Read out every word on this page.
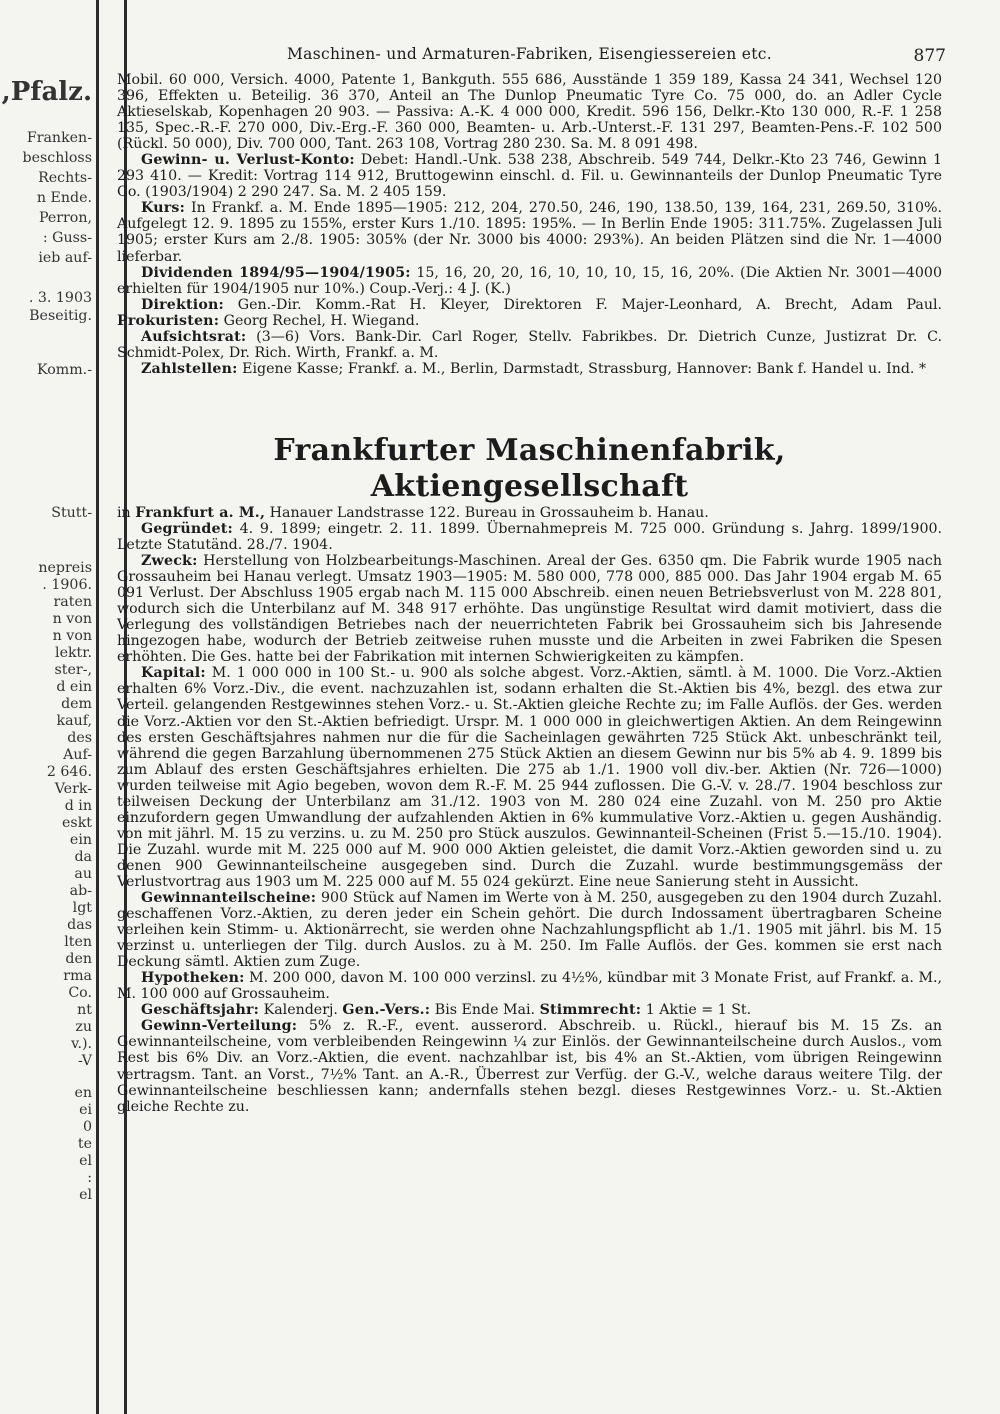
,Pfalz.
Franken-
beschloss
Rechts-
n Ende.
Perron,
: Guss-
ieb auf-
. 3. 1903
Beseitig.
Komm.-
Stutt-
nepreis
. 1906.
raten
n von
n von
lektr.
ster-,
d ein
dem
kauf,
des
Auf-
2 646.
Verk-
d in
eskt
ein
da
au
ab-
lgt
das
lten
den
rma
Co.
nt
zu
v.).
-V
en
ei
0
te
el
:
el
Maschinen- und Armaturen-Fabriken, Eisengiessereien etc.	877

Mobil. 60 000, Versich. 4000, Patente 1, Bankguth. 555 686, Ausstände 1 359 189, Kassa 24 341, Wechsel 120 396, Effekten u. Beteilig. 36 370, Anteil an The Dunlop Pneumatic Tyre Co. 75 000, do. an Adler Cycle Aktieselskab, Kopenhagen 20 903. — Passiva: A.-K. 4 000 000, Kredit. 596 156, Delkr.-Kto 130 000, R.-F. 1 258 135, Spec.-R.-F. 270 000, Div.-Erg.-F. 360 000, Beamten- u. Arb.-Unterst.-F. 131 297, Beamten-Pens.-F. 102 500 (Rückl. 50 000), Div. 700 000, Tant. 263 108, Vortrag 280 230. Sa. M. 8 091 498.

Gewinn- u. Verlust-Konto: Debet: Handl.-Unk. 538 238, Abschreib. 549 744, Delkr.-Kto 23 746, Gewinn 1 293 410. — Kredit: Vortrag 114 912, Bruttogewinn einschl. d. Fil. u. Gewinnanteils der Dunlop Pneumatic Tyre Co. (1903/1904) 2 290 247. Sa. M. 2 405 159.

Kurs: In Frankf. a. M. Ende 1895—1905: 212, 204, 270.50, 246, 190, 138.50, 139, 164, 231, 269.50, 310%. Aufgelegt 12. 9. 1895 zu 155%, erster Kurs 1./10. 1895: 195%. — In Berlin Ende 1905: 311.75%. Zugelassen Juli 1905; erster Kurs am 2./8. 1905: 305% (der Nr. 3000 bis 4000: 293%). An beiden Plätzen sind die Nr. 1—4000 lieferbar.

Dividenden 1894/95—1904/1905: 15, 16, 20, 20, 16, 10, 10, 10, 15, 16, 20%. (Die Aktien Nr. 3001—4000 erhielten für 1904/1905 nur 10%.) Coup.-Verj.: 4 J. (K.)

Direktion: Gen.-Dir. Komm.-Rat H. Kleyer, Direktoren F. Majer-Leonhard, A. Brecht, Adam Paul. Prokuristen: Georg Rechel, H. Wiegand.

Aufsichtsrat: (3—6) Vors. Bank-Dir. Carl Roger, Stellv. Fabrikbes. Dr. Dietrich Cunze, Justizrat Dr. C. Schmidt-Polex, Dr. Rich. Wirth, Frankf. a. M.

Zahlstellen: Eigene Kasse; Frankf. a. M., Berlin, Darmstadt, Strassburg, Hannover: Bank f. Handel u. Ind. *

Frankfurter Maschinenfabrik, Aktiengesellschaft

in Frankfurt a. M., Hanauer Landstrasse 122. Bureau in Grossauheim b. Hanau.

Gegründet: 4. 9. 1899; eingetr. 2. 11. 1899. Übernahmepreis M. 725 000. Gründung s. Jahrg. 1899/1900. Letzte Statutänd. 28./7. 1904.

Zweck: Herstellung von Holzbearbeitungs-Maschinen. Areal der Ges. 6350 qm. Die Fabrik wurde 1905 nach Grossauheim bei Hanau verlegt. Umsatz 1903—1905: M. 580 000, 778 000, 885 000. Das Jahr 1904 ergab M. 65 091 Verlust. Der Abschluss 1905 ergab nach M. 115 000 Abschreib. einen neuen Betriebsverlust von M. 228 801, wodurch sich die Unterbilanz auf M. 348 917 erhöhte. Das ungünstige Resultat wird damit motiviert, dass die Verlegung des vollständigen Betriebes nach der neuerrichteten Fabrik bei Grossauheim sich bis Jahresende hingezogen habe, wodurch der Betrieb zeitweise ruhen musste und die Arbeiten in zwei Fabriken die Spesen erhöhten. Die Ges. hatte bei der Fabrikation mit internen Schwierigkeiten zu kämpfen.

Kapital: M. 1 000 000 in 100 St.- u. 900 als solche abgest. Vorz.-Aktien, sämtl. à M. 1000. Die Vorz.-Aktien erhalten 6% Vorz.-Div., die event. nachzuzahlen ist, sodann erhalten die St.-Aktien bis 4%, bezgl. des etwa zur Verteil. gelangenden Restgewinnes stehen Vorz.- u. St.-Aktien gleiche Rechte zu; im Falle Auflös. der Ges. werden die Vorz.-Aktien vor den St.-Aktien befriedigt. Urspr. M. 1 000 000 in gleichwertigen Aktien. An dem Reingewinn des ersten Geschäftsjahres nahmen nur die für die Sacheinlagen gewährten 725 Stück Akt. unbeschränkt teil, während die gegen Barzahlung übernommenen 275 Stück Aktien an diesem Gewinn nur bis 5% ab 4. 9. 1899 bis zum Ablauf des ersten Geschäftsjahres erhielten. Die 275 ab 1./1. 1900 voll div.-ber. Aktien (Nr. 726—1000) wurden teilweise mit Agio begeben, wovon dem R.-F. M. 25 944 zuflossen. Die G.-V. v. 28./7. 1904 beschloss zur teilweisen Deckung der Unterbilanz am 31./12. 1903 von M. 280 024 eine Zuzahl. von M. 250 pro Aktie einzufordern gegen Umwandlung der aufzahlenden Aktien in 6% kummulative Vorz.-Aktien u. gegen Aushändig. von mit jährl. M. 15 zu verzins. u. zu M. 250 pro Stück auszulos. Gewinnanteil-Scheinen (Frist 5.—15./10. 1904). Die Zuzahl. wurde mit M. 225 000 auf M. 900 000 Aktien geleistet, die damit Vorz.-Aktien geworden sind u. zu denen 900 Gewinnanteilscheine ausgegeben sind. Durch die Zuzahl. wurde bestimmungsgemäss der Verlustvortrag aus 1903 um M. 225 000 auf M. 55 024 gekürzt. Eine neue Sanierung steht in Aussicht.

Gewinnanteilscheine: 900 Stück auf Namen im Werte von à M. 250, ausgegeben zu den 1904 durch Zuzahl. geschaffenen Vorz.-Aktien, zu deren jeder ein Schein gehört. Die durch Indossament übertragbaren Scheine verleihen kein Stimm- u. Aktionärrecht, sie werden ohne Nachzahlungspflicht ab 1./1. 1905 mit jährl. bis M. 15 verzinst u. unterliegen der Tilg. durch Auslos. zu à M. 250. Im Falle Auflös. der Ges. kommen sie erst nach Deckung sämtl. Aktien zum Zuge.

Hypotheken: M. 200 000, davon M. 100 000 verzinsl. zu 4½%, kündbar mit 3 Monate Frist, auf Frankf. a. M., M. 100 000 auf Grossauheim.

Geschäftsjahr: Kalenderj. Gen.-Vers.: Bis Ende Mai. Stimmrecht: 1 Aktie = 1 St.

Gewinn-Verteilung: 5% z. R.-F., event. ausserord. Abschreib. u. Rückl., hierauf bis M. 15 Zs. an Gewinnanteilscheine, vom verbleibenden Reingewinn ¼ zur Einlös. der Gewinnanteilscheine durch Auslos., vom Rest bis 6% Div. an Vorz.-Aktien, die event. nachzahlbar ist, bis 4% an St.-Aktien, vom übrigen Reingewinn vertragsm. Tant. an Vorst., 7½% Tant. an A.-R., Überrest zur Verfüg. der G.-V., welche daraus weitere Tilg. der Gewinnanteilscheine beschliessen kann; andernfalls stehen bezgl. dieses Restgewinnes Vorz.- u. St.-Aktien gleiche Rechte zu.
